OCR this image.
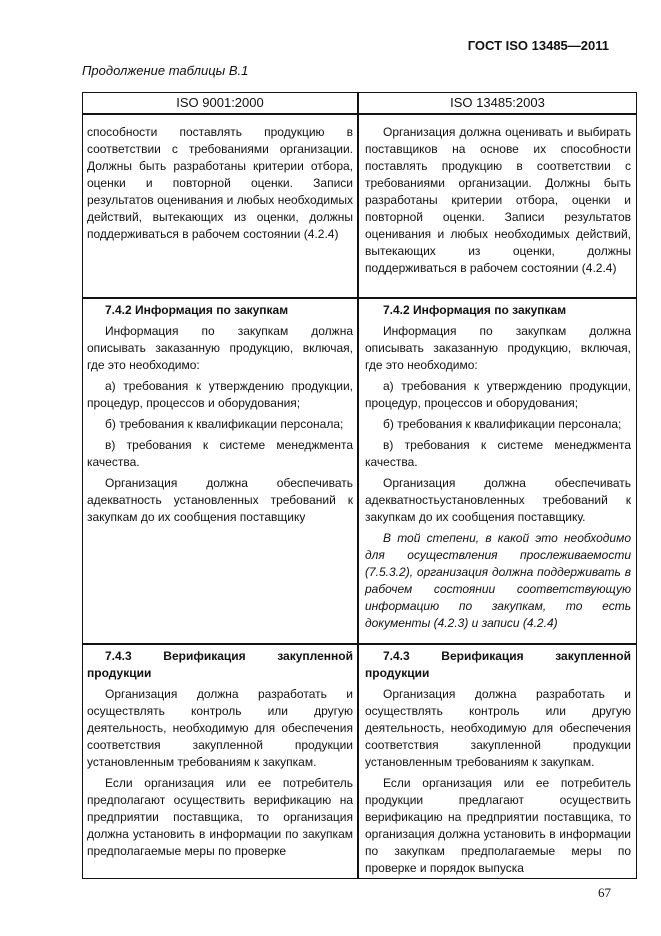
ГОСТ ISO 13485—2011
Продолжение таблицы В.1
ISO 9001:2000	ISO 13485:2003

способности поставлять продукцию в соответствии с требованиями организации. Должны быть разработаны критерии отбора, оценки и повторной оценки. Записи результатов оценивания и любых необходимых действий, вытекающих из оценки, должны поддерживаться в рабочем состоянии (4.2.4)

Организация должна оценивать и выбирать поставщиков на основе их способности поставлять продукцию в соответствии с требованиями организации. Должны быть разработаны критерии отбора, оценки и повторной оценки. Записи результатов оценивания и любых необходимых действий, вытекающих из оценки, должны поддерживаться в рабочем состоянии (4.2.4)

7.4.2 Информация по закупкам

Информация по закупкам должна описывать заказанную продукцию, включая, где это необходимо:

а) требования к утверждению продукции, процедур, процессов и оборудования;

б) требования к квалификации персонала;

в) требования к системе менеджмента качества.

Организация должна обеспечивать адекватность установленных требований к закупкам до их сообщения поставщику

7.4.2 Информация по закупкам

Информация по закупкам должна описывать заказанную продукцию, включая, где это необходимо:

а) требования к утверждению продукции, процедур, процессов и оборудования;

б) требования к квалификации персонала;

в) требования к системе менеджмента качества.

Организация должна обеспечивать адекватностьустановленных требований к закупкам до их сообщения поставщику.

В той степени, в какой это необходимо для осуществления прослеживаемости (7.5.3.2), организация должна поддерживать в рабочем состоянии соответствующую информацию по закупкам, то есть документы (4.2.3) и записи (4.2.4)

7.4.3 Верификация закупленной продукции

Организация должна разработать и осуществлять контроль или другую деятельность, необходимую для обеспечения соответствия закупленной продукции установленным требованиям к закупкам.

Если организация или ее потребитель предполагают осуществить верификацию на предприятии поставщика, то организация должна установить в информации по закупкам предполагаемые меры по проверке

7.4.3 Верификация закупленной продукции

Организация должна разработать и осуществлять контроль или другую деятельность, необходимую для обеспечения соответствия закупленной продукции установленным требованиям к закупкам.

Если организация или ее потребитель продукции предлагают осуществить верификацию на предприятии поставщика, то организация должна установить в информации по закупкам предполагаемые меры по проверке и порядок выпуска

67
